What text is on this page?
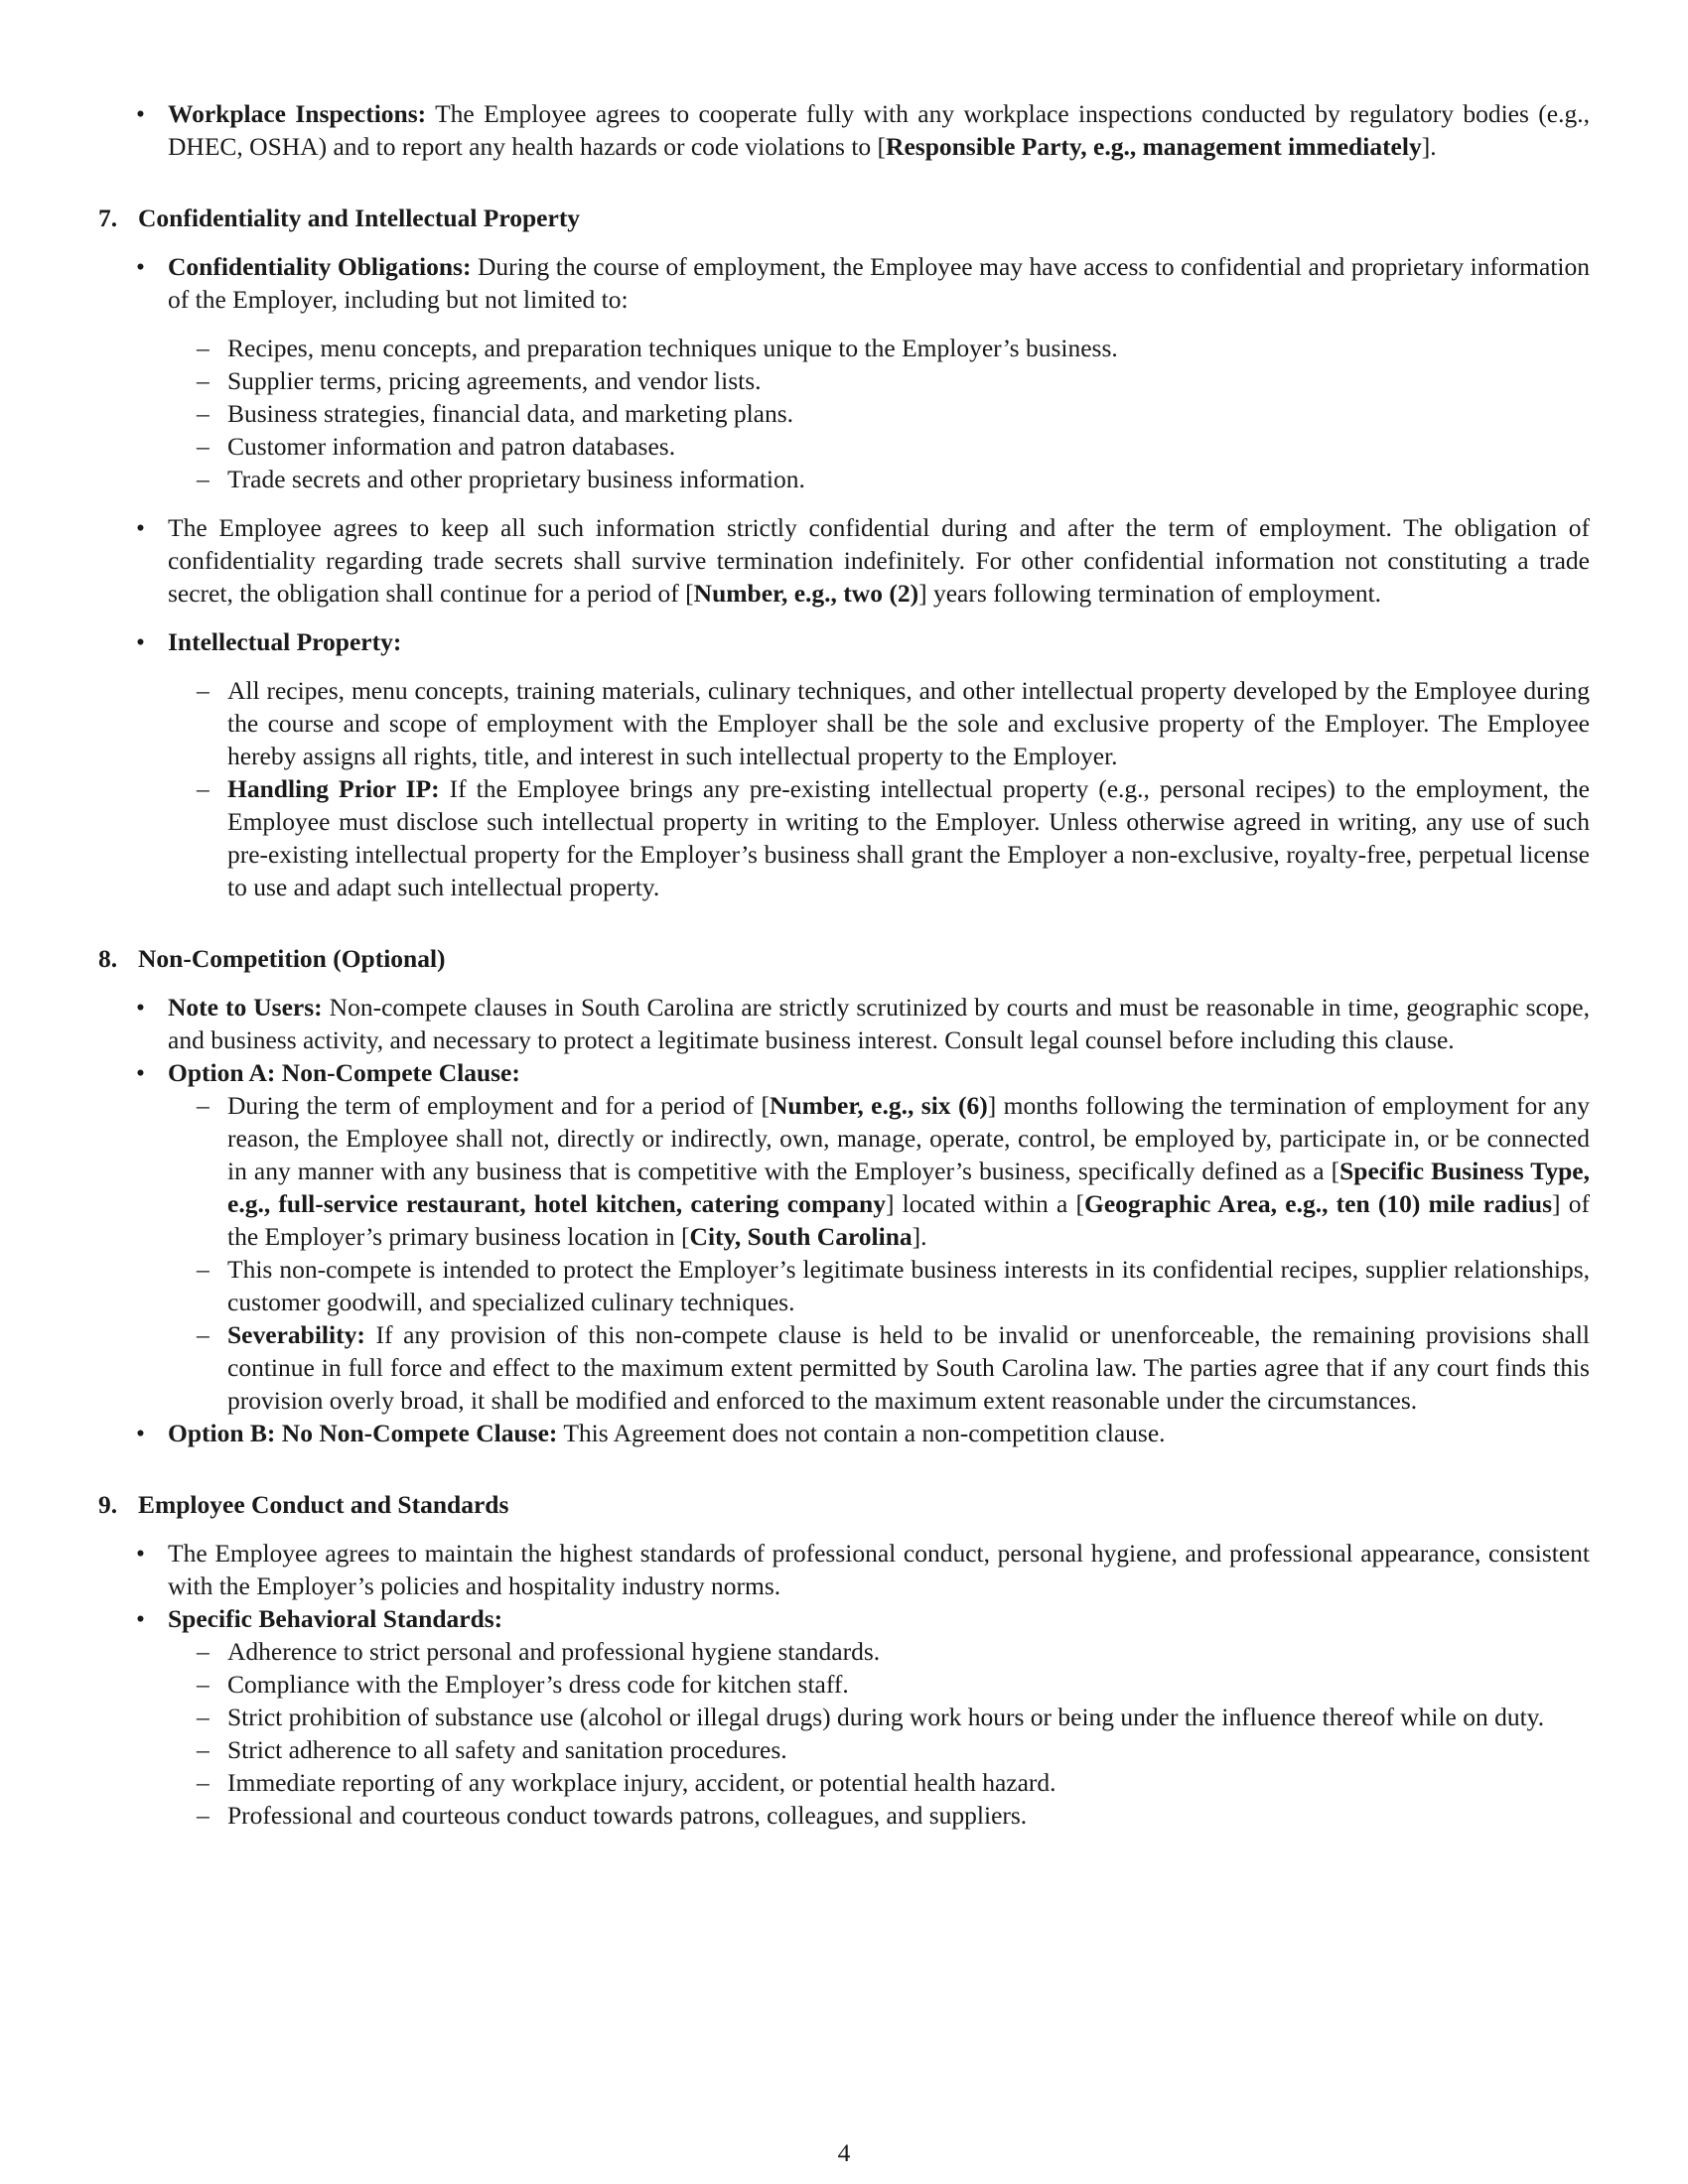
• Workplace Inspections: The Employee agrees to cooperate fully with any workplace inspections conducted by regulatory bodies (e.g., DHEC, OSHA) and to report any health hazards or code violations to [Responsible Party, e.g., management immediately].
7. Confidentiality and Intellectual Property
• Confidentiality Obligations: During the course of employment, the Employee may have access to confidential and proprietary information of the Employer, including but not limited to:
– Recipes, menu concepts, and preparation techniques unique to the Employer’s business.
– Supplier terms, pricing agreements, and vendor lists.
– Business strategies, financial data, and marketing plans.
– Customer information and patron databases.
– Trade secrets and other proprietary business information.
• The Employee agrees to keep all such information strictly confidential during and after the term of employment. The obligation of confidentiality regarding trade secrets shall survive termination indefinitely. For other confidential information not constituting a trade secret, the obligation shall continue for a period of [Number, e.g., two (2)] years following termination of employment.
• Intellectual Property:
– All recipes, menu concepts, training materials, culinary techniques, and other intellectual property developed by the Employee during the course and scope of employment with the Employer shall be the sole and exclusive property of the Employer. The Employee hereby assigns all rights, title, and interest in such intellectual property to the Employer.
– Handling Prior IP: If the Employee brings any pre-existing intellectual property (e.g., personal recipes) to the employment, the Employee must disclose such intellectual property in writing to the Employer. Unless otherwise agreed in writing, any use of such pre-existing intellectual property for the Employer’s business shall grant the Employer a non-exclusive, royalty-free, perpetual license to use and adapt such intellectual property.
8. Non-Competition (Optional)
• Note to Users: Non-compete clauses in South Carolina are strictly scrutinized by courts and must be reasonable in time, geographic scope, and business activity, and necessary to protect a legitimate business interest. Consult legal counsel before including this clause.
• Option A: Non-Compete Clause:
– During the term of employment and for a period of [Number, e.g., six (6)] months following the termination of employment for any reason, the Employee shall not, directly or indirectly, own, manage, operate, control, be employed by, participate in, or be connected in any manner with any business that is competitive with the Employer’s business, specifically defined as a [Specific Business Type, e.g., full-service restaurant, hotel kitchen, catering company] located within a [Geographic Area, e.g., ten (10) mile radius] of the Employer’s primary business location in [City, South Carolina].
– This non-compete is intended to protect the Employer’s legitimate business interests in its confidential recipes, supplier relationships, customer goodwill, and specialized culinary techniques.
– Severability: If any provision of this non-compete clause is held to be invalid or unenforceable, the remaining provisions shall continue in full force and effect to the maximum extent permitted by South Carolina law. The parties agree that if any court finds this provision overly broad, it shall be modified and enforced to the maximum extent reasonable under the circumstances.
• Option B: No Non-Compete Clause: This Agreement does not contain a non-competition clause.
9. Employee Conduct and Standards
• The Employee agrees to maintain the highest standards of professional conduct, personal hygiene, and professional appearance, consistent with the Employer’s policies and hospitality industry norms.
• Specific Behavioral Standards:
– Adherence to strict personal and professional hygiene standards.
– Compliance with the Employer’s dress code for kitchen staff.
– Strict prohibition of substance use (alcohol or illegal drugs) during work hours or being under the influence thereof while on duty.
– Strict adherence to all safety and sanitation procedures.
– Immediate reporting of any workplace injury, accident, or potential health hazard.
– Professional and courteous conduct towards patrons, colleagues, and suppliers.
4
